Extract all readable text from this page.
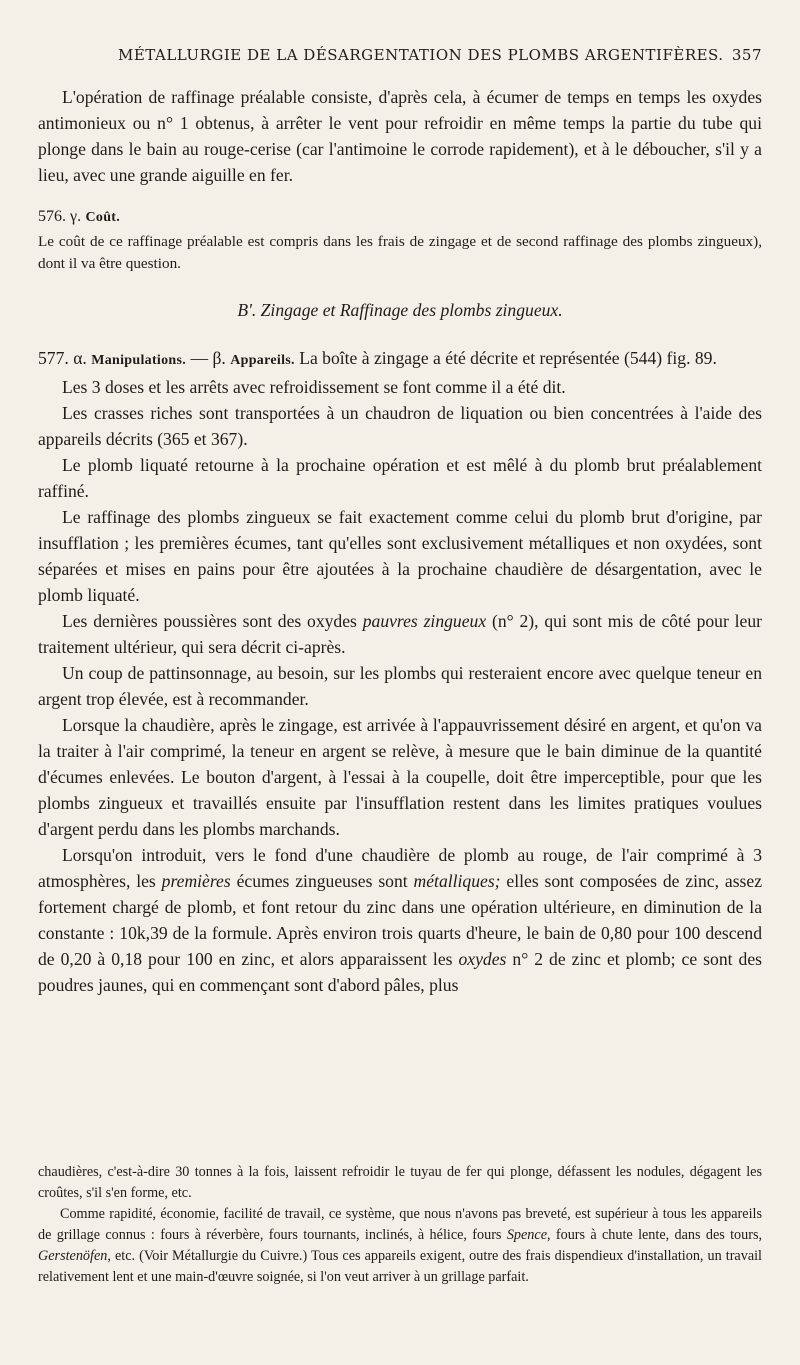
MÉTALLURGIE DE LA DÉSARGENTATION DES PLOMBS ARGENTIFÈRES. 357

L'opération de raffinage préalable consiste, d'après cela, à écumer de temps en temps les oxydes antimonieux ou n° 1 obtenus, à arrêter le vent pour refroidir en même temps la partie du tube qui plonge dans le bain au rouge-cerise (car l'antimoine le corrode rapidement), et à le déboucher, s'il y a lieu, avec une grande aiguille en fer.

576. γ. Coût.

Le coût de ce raffinage préalable est compris dans les frais de zingage et de second raffinage des plombs zingueux), dont il va être question.

B'. Zingage et Raffinage des plombs zingueux.

577. α. Manipulations. — β. Appareils. La boîte à zingage a été décrite et représentée (544) fig. 89.

Les 3 doses et les arrêts avec refroidissement se font comme il a été dit.

Les crasses riches sont transportées à un chaudron de liquation ou bien concentrées à l'aide des appareils décrits (365 et 367).

Le plomb liquaté retourne à la prochaine opération et est mêlé à du plomb brut préalablement raffiné.

Le raffinage des plombs zingueux se fait exactement comme celui du plomb brut d'origine, par insufflation ; les premières écumes, tant qu'elles sont exclusivement métalliques et non oxydées, sont séparées et mises en pains pour être ajoutées à la prochaine chaudière de désargentation, avec le plomb liquaté.

Les dernières poussières sont des oxydes pauvres zingueux (n° 2), qui sont mis de côté pour leur traitement ultérieur, qui sera décrit ci-après.

Un coup de pattinsonnage, au besoin, sur les plombs qui resteraient encore avec quelque teneur en argent trop élevée, est à recommander.

Lorsque la chaudière, après le zingage, est arrivée à l'appauvrissement désiré en argent, et qu'on va la traiter à l'air comprimé, la teneur en argent se relève, à mesure que le bain diminue de la quantité d'écumes enlevées. Le bouton d'argent, à l'essai à la coupelle, doit être imperceptible, pour que les plombs zingueux et travaillés ensuite par l'insufflation restent dans les limites pratiques voulues d'argent perdu dans les plombs marchands.

Lorsqu'on introduit, vers le fond d'une chaudière de plomb au rouge, de l'air comprimé à 3 atmosphères, les premières écumes zingueuses sont métalliques; elles sont composées de zinc, assez fortement chargé de plomb, et font retour du zinc dans une opération ultérieure, en diminution de la constante : 10k,39 de la formule. Après environ trois quarts d'heure, le bain de 0,80 pour 100 descend de 0,20 à 0,18 pour 100 en zinc, et alors apparaissent les oxydes n° 2 de zinc et plomb; ce sont des poudres jaunes, qui en commençant sont d'abord pâles, plus

chaudières, c'est-à-dire 30 tonnes à la fois, laissent refroidir le tuyau de fer qui plonge, défassent les nodules, dégagent les croûtes, s'il s'en forme, etc.

Comme rapidité, économie, facilité de travail, ce système, que nous n'avons pas breveté, est supérieur à tous les appareils de grillage connus : fours à réverbère, fours tournants, inclinés, à hélice, fours Spence, fours à chute lente, dans des tours, Gerstenöfen, etc. (Voir Métallurgie du Cuivre.) Tous ces appareils exigent, outre des frais dispendieux d'installation, un travail relativement lent et une main-d'œuvre soignée, si l'on veut arriver à un grillage parfait.
